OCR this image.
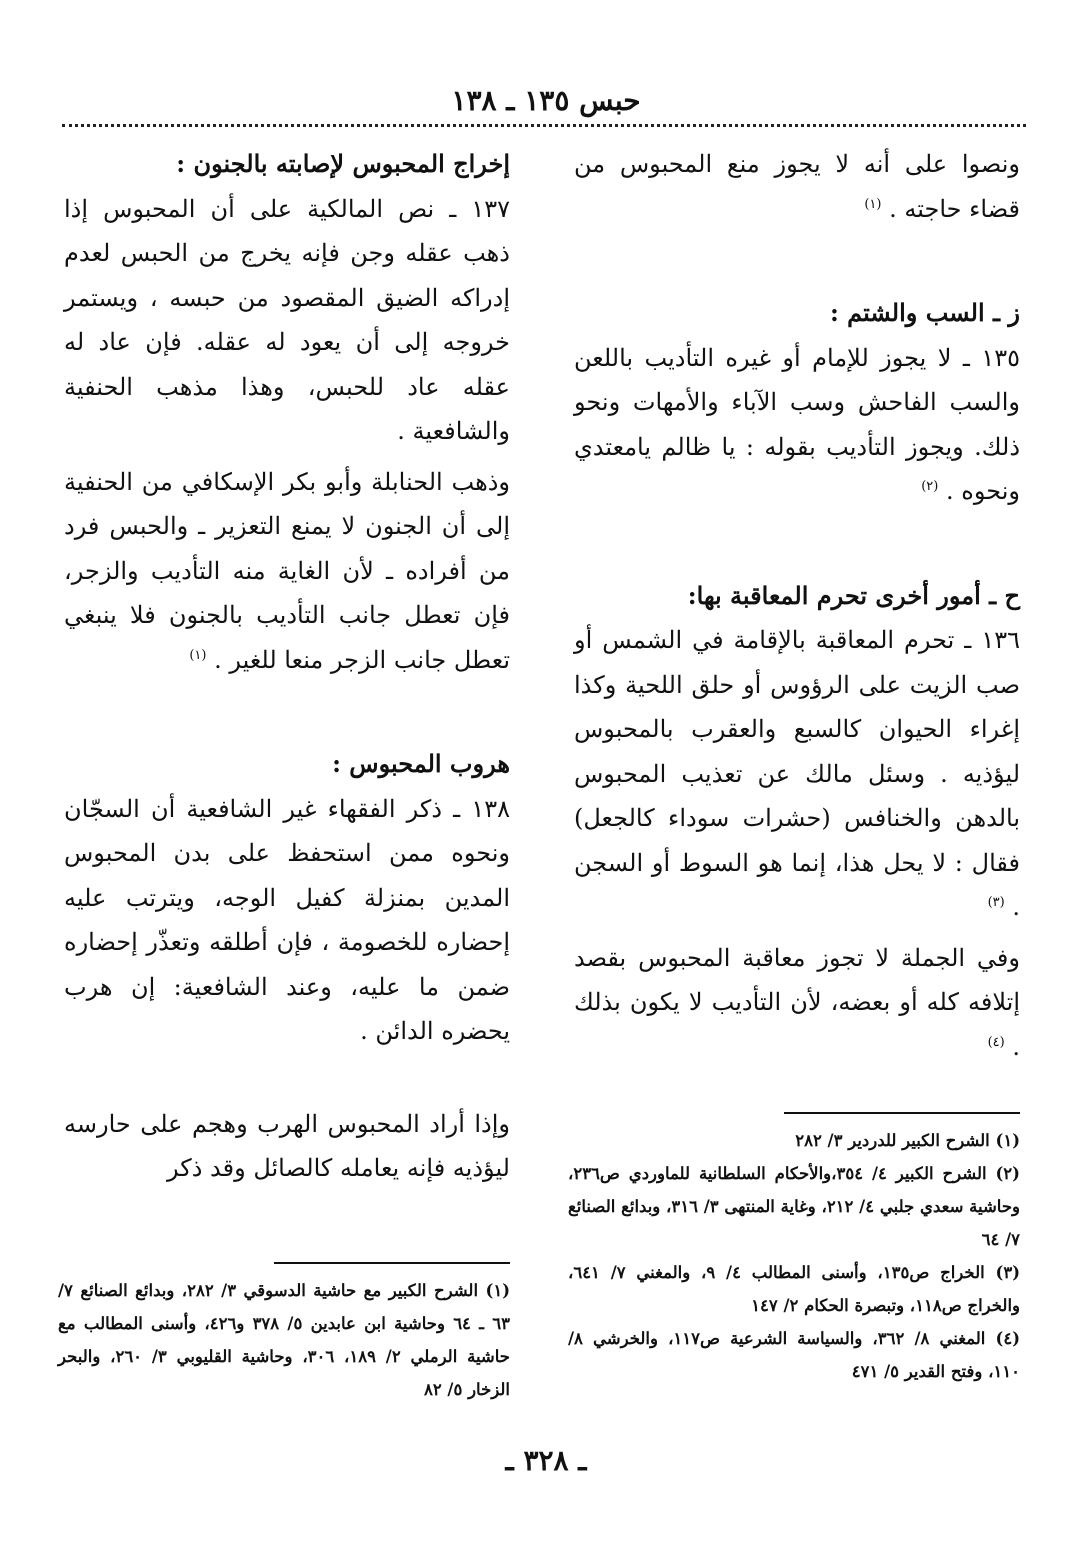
حبس ١٣٥ ـ ١٣٨

ونصوا على أنه لا يجوز منع المحبوس من قضاء حاجته . $^{(١)}$

ز ـ السب والشتم :

١٣٥ ـ لا يجوز للإمام أو غيره التأديب باللعن والسب الفاحش وسب الآباء والأمهات ونحو ذلك. ويجوز التأديب بقوله : يا ظالم يامعتدي ونحوه . $^{(٢)}$

ح ـ أمور أخرى تحرم المعاقبة بها:

١٣٦ ـ تحرم المعاقبة بالإقامة في الشمس أو صب الزيت على الرؤوس أو حلق اللحية وكذا إغراء الحيوان كالسبع والعقرب بالمحبوس ليؤذيه . وسئل مالك عن تعذيب المحبوس بالدهن والخنافس (حشرات سوداء كالجعل) فقال : لا يحل هذا، إنما هو السوط أو السجن . $^{(٣)}$

وفي الجملة لا تجوز معاقبة المحبوس بقصد إتلافه كله أو بعضه، لأن التأديب لا يكون بذلك . $^{(٤)}$

إخراج المحبوس لإصابته بالجنون :

١٣٧ ـ نص المالكية على أن المحبوس إذا ذهب عقله وجن فإنه يخرج من الحبس لعدم إدراكه الضيق المقصود من حبسه ، ويستمر خروجه إلى أن يعود له عقله. فإن عاد له عقله عاد للحبس، وهذا مذهب الحنفية والشافعية .

وذهب الحنابلة وأبو بكر الإسكافي من الحنفية إلى أن الجنون لا يمنع التعزير ـ والحبس فرد من أفراده ـ لأن الغاية منه التأديب والزجر، فإن تعطل جانب التأديب بالجنون فلا ينبغي تعطل جانب الزجر منعا للغير . $^{(١)}$

هروب المحبوس :

١٣٨ ـ ذكر الفقهاء غير الشافعية أن السجّان ونحوه ممن استحفظ على بدن المحبوس المدين بمنزلة كفيل الوجه، ويترتب عليه إحضاره للخصومة ، فإن أطلقه وتعذّر إحضاره ضمن ما عليه، وعند الشافعية: إن هرب يحضره الدائن .

وإذا أراد المحبوس الهرب وهجم على حارسه ليؤذيه فإنه يعامله كالصائل وقد ذكر

(١) الشرح الكبير للدردير ٣/ ٢٨٢

(٢) الشرح الكبير ٤/ ٣٥٤،والأحكام السلطانية للماوردي ص٢٣٦، وحاشية سعدي جلبي ٤/ ٢١٢، وغاية المنتهى ٣/ ٣١٦، وبدائع الصنائع ٧/ ٦٤

(٣) الخراج ص١٣٥، وأسنى المطالب ٤/ ٩، والمغني ٧/ ٦٤١، والخراج ص١١٨، وتبصرة الحكام ٢/ ١٤٧

(٤) المغني ٨/ ٣٦٢، والسياسة الشرعية ص١١٧، والخرشي ٨/ ١١٠، وفتح القدير ٥/ ٤٧١

(١) الشرح الكبير مع حاشية الدسوقي ٣/ ٢٨٢، وبدائع الصنائع ٧/ ٦٣ ـ ٦٤ وحاشية ابن عابدين ٥/ ٣٧٨ و٤٢٦، وأسنى المطالب مع حاشية الرملي ٢/ ١٨٩، ٣٠٦، وحاشية القليوبي ٣/ ٢٦٠، والبحر الزخار ٥/ ٨٢

ـ ٣٢٨ ـ
